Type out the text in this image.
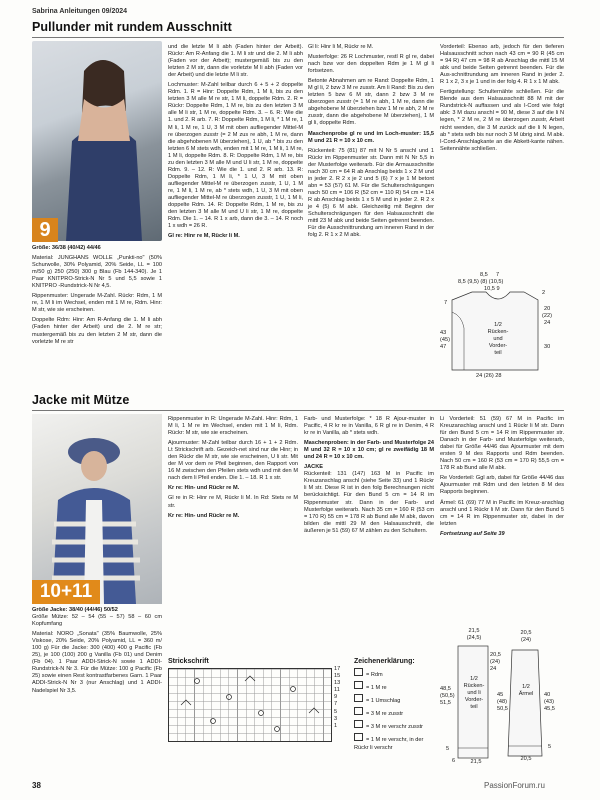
Sabrina Anleitungen 09/2024
Pullunder mit rundem Ausschnitt
9

Größe: 36/38 (40/42) 44/46

Material: JUNGHANS WOLLE „Punkti-no" (50% Schurwolle, 30% Polyamid, 20% Seide, LL = 100 m/50 g) 250 (250) 300 g Blau (Fb 144-340). Je 1 Paar KNITPRO-Strick-N Nr 5 und 5,5 sowie 1 KNITPRO -Rundstrick-N Nr 4,5.

Rippenmuster: Ungerade M-Zahl. Rückr: Rdm, 1 M re, 1 M li im Wechsel, enden mit 1 M re, Rdm. Hinr: M str, wie sie erscheinen.

Doppelte Rdm: Hinr: Am R-Anfang die 1. M li abh (Faden hinter der Arbeit) und die 2. M re str; mustergemäß bis zu den letzten 2 M str, dann die vorletzte M re str

und die letzte M li abh (Faden hinter der Arbeit). Rückr: Am R-Anfang die 1. M li str und die 2. M li abh (Faden vor der Arbeit); mustergemäß bis zu den letzten 2 M str, dann die vorletzte M li abh (Faden vor der Arbeit) und die letzte M li str.

Lochmuster: M-Zahl teilbar durch 6 + 5 + 2 doppelte Rdm. 1. R = Hinr: Doppelte Rdm, 1 M li, bis zu den letzten 3 M alle M re str, 1 M li, doppelte Rdm. 2. R = Rückr: Doppelte Rdm, 1 M re, bis zu den letzten 3 M alle M li str, 1 M re, doppelte Rdm. 3. – 6. R: Wie die 1. und 2. R arb. 7. R: Doppelte Rdm, 1 M li, * 1 M re, 1 M li, 1 M re, 1 U, 3 M mit oben aufliegender Mittel-M re überzogen zusstr (= 2 M zus re abh, 1 M re, dann die abgehobenen M überziehen), 1 U, ab * bis zu den letzten 6 M stets wdh, enden mit 1 M re, 1 M li, 1 M re, 1 M li, doppelte Rdm. 8. R: Doppelte Rdm, 1 M re, bis zu den letzten 3 M alle M und U li str, 1 M re, doppelte Rdm. 9. – 12. R: Wie die 1. und 2. R arb. 13. R: Doppelte Rdm, 1 M li, * 1 U, 3 M mit oben aufliegender Mittel-M re überzogen zusstr, 1 U, 1 M re, 1 M li, 1 M re, ab * stets wdh, 1 U, 3 M mit oben aufliegender Mittel-M re überzogen zusstr, 1 U, 1 M li, doppelte Rdm. 14. R: Doppelte Rdm, 1 M re, bis zu den letzten 3 M alle M und U li str, 1 M re, doppelte Rdm. Die 1. – 14. R 1 x arb, dann die 3. – 14. R noch 1 x wdh = 26 R.

Gl re: Hinr re M, Rückr li M.

Gl li: Hinr li M, Rückr re M.

Musterfolge: 26 R Lochmuster, restl R gl re, dabei nach bzw vor den doppelten Rdm je 1 M gl li fortsetzen.

Betonte Abnahmen am re Rand: Doppelte Rdm, 1 M gl li, 2 bzw 3 M re zusstr. Am li Rand: Bis zu den letzten 5 bzw 6 M str, dann 2 bzw 3 M re überzogen zusstr (= 1 M re abh, 1 M re, dann die abgehobene M überziehen bzw 1 M re abh, 2 M re zusstr, dann die abgehobene M überziehen), 1 M gl li, doppelte Rdm.

Maschenprobe gl re und im Loch-muster: 15,5 M und 21 R = 10 x 10 cm.

Rückenteil: 75 (81) 87 mit N Nr 5 anschl und 1 Rückr im Rippenmuster str. Dann mit N Nr 5,5 in der Musterfolge weiterarb. Für die Armausschnitte nach 30 cm = 64 R ab Anschlag beids 1 x 2 M und in jeder 2. R 2 x je 2 und 5 (6) 7 x je 1 M betont abn = 53 (57) 61 M. Für die Schulterschrägungen nach 50 cm = 106 R (52 cm = 110 R) 54 cm = 114 R ab Anschlag beids 1 x 5 M und in jeder 2. R 2 x je 4 (5) 6 M abk. Gleichzeitig mit Beginn der Schulterschrägungen für den Halsausschnitt die mittl 23 M abk und beide Seiten getrennt beenden. Für die Ausschnittrundung am inneren Rand in der folg 2. R 1 x 2 M abk.

Vorderteil: Ebenso arb, jedoch für den tieferen Halsausschnitt schon nach 43 cm = 90 R (45 cm = 94 R) 47 cm = 98 R ab Anschlag die mittl 15 M abk und beide Seiten getrennt beenden. Für die Aus-schnittrundung am inneren Rand in jeder 2. R 1 x 2, 3 x je 1 und in der folg 4. R 1 x 1 M abk.

Fertigstellung: Schulternähte schließen. Für die Blende aus dem Halsausschnitt 88 M mit der Rundstrick-N auffassen und als I-Cord wie folgt abk: 3 M dazu anschl = 90 M, diese 3 auf die li N legen, * 2 M re, 2 M re überzogen zusstr, Arbeit nicht wenden, die 3 M zurück auf die li N legen, ab * stets wdh bis nur noch 3 M übrig sind. M abk. I-Cord-Anschlagkante an die Abkett-kante nähen. Seitennähte schließen.

8,5 7
8,5 (9,5) (8) (10,5)
10,5 9
2
20
(22)
24
43
(45)
47
7
30
24 (26) 28
1/2
Rücken-
und
Vorder-
teil
Jacke mit Mütze
10+11

Größe Jacke: 38/40 (44/46) 50/52

Größe Mütze: 52 – 54 (55 – 57) 58 – 60 cm Kopfumfang

Material: NORO „Sonata" (35% Baumwolle, 25% Viskose, 20% Seide, 20% Polyamid, LL = 360 m/ 100 g) Für die Jacke: 300 (400) 400 g Pacific (Fb 25), je 100 (100) 200 g Vanilla (Fb 01) und Denim (Fb 04). 1 Paar ADDI-Strick-N sowie 1 ADDI-Rundstrick-N Nr 3. Für die Mütze: 100 g Pacific (Fb 25) sowie einen Rest kontrastfarbenes Garn. 1 Paar ADDI-Strick-N Nr 3 (nur Anschlag) und 1 ADDI-Nadelspiel Nr 3,5.

Rippenmuster in R: Ungerade M-Zahl. Hinr: Rdm, 1 M li, 1 M re im Wechsel, enden mit 1 M li, Rdm. Rückr: M str, wie sie erscheinen.

Ajourmuster: M-Zahl teilbar durch 16 + 1 + 2 Rdm. Lt Strickschrift arb. Gezeich-net sind nur die Hinr; in den Rückr die M str, wie sie erscheinen, U li str. Mit der M vor dem re Pfeil beginnen, den Rapport von 16 M zwischen den Pfeilen stets wdh und mit den M nach dem li Pfeil enden. Die 1. – 18. R 1 x str.

Kr re: Hin- und Rückr re M.

Gl re in R: Hinr re M, Rückr li M. In Rd: Stets re M str.

Kr re: Hin- und Rückr re M.

Strickschrift
17
15
13
11
9
7
5
3
1

Farb- und Musterfolge: * 18 R Ajour-muster in Pacific, 4 R kr re in Vanilla, 6 R gl re in Denim, 4 R kr re in Vanilla, ab * stets wdh.

Maschenproben: in der Farb- und Musterfolge 24 M und 32 R = 10 x 10 cm; gl re zweifädig 18 M und 24 R = 10 x 10 cm.

JACKE

Rückenteil: 131 (147) 163 M in Pacific im Kreuzanschlag anschl (siehe Seite 33) und 1 Rückr li M str. Diese R ist in den folg Berechnungen nicht berücksichtigt. Für den Bund 5 cm = 14 R im Rippenmuster str. Dann in der Farb- und Musterfolge weiterarb. Nach 35 cm = 160 R (53 cm = 170 R) 55 cm = 178 R ab Bund alle M abk, davon bilden die mittl 29 M den Halsausschnitt, die äußeren je 51 (59) 67 M zählen zu den Schultern.

Zeichenerklärung:
= Rdm
= 1 M re
= 1 Umschlag
= 3 M re zusstr
= 3 M re verschr zusstr
= 1 M re verschr, in der Rückr li verschr

Li Vorderteil: 51 (59) 67 M in Pacific im Kreuzanschlag anschl und 1 Rückr li M str. Dann für den Bund 5 cm = 14 R im Rippenmuster str. Danach in der Farb- und Musterfolge weiterarb, dabei für Größe 44/46 das Ajourmuster mit dem ersten 9 M des Rapports und Rdm beenden. Nach 50 cm = 160 R (53 cm = 170 R) 55,5 cm = 178 R ab Bund alle M abk.

Re Vorderteil: Ggl arb, dabei für Größe 44/46 das Ajourmuster mit Rdm und den letzten 8 M des Rapports beginnen.

Ärmel: 61 (69) 77 M in Pacific im Kreuz-anschlag anschl und 1 Rückr li M str. Dann für den Bund 5 cm = 14 R im Rippenmuster str, dabei in der letzten

Fortsetzung auf Seite 39

21,5
(24,5)
20,5
(24)
24
48,5
(50,5)
51,5
1/2
Rücken-
und li
Vorder-
teil
5
6	21,5
20,5
(24)
45
(48)
50,5
40
(43)
45,5
1/2
Ärmel
5
20,5
38	PassionForum.ru
